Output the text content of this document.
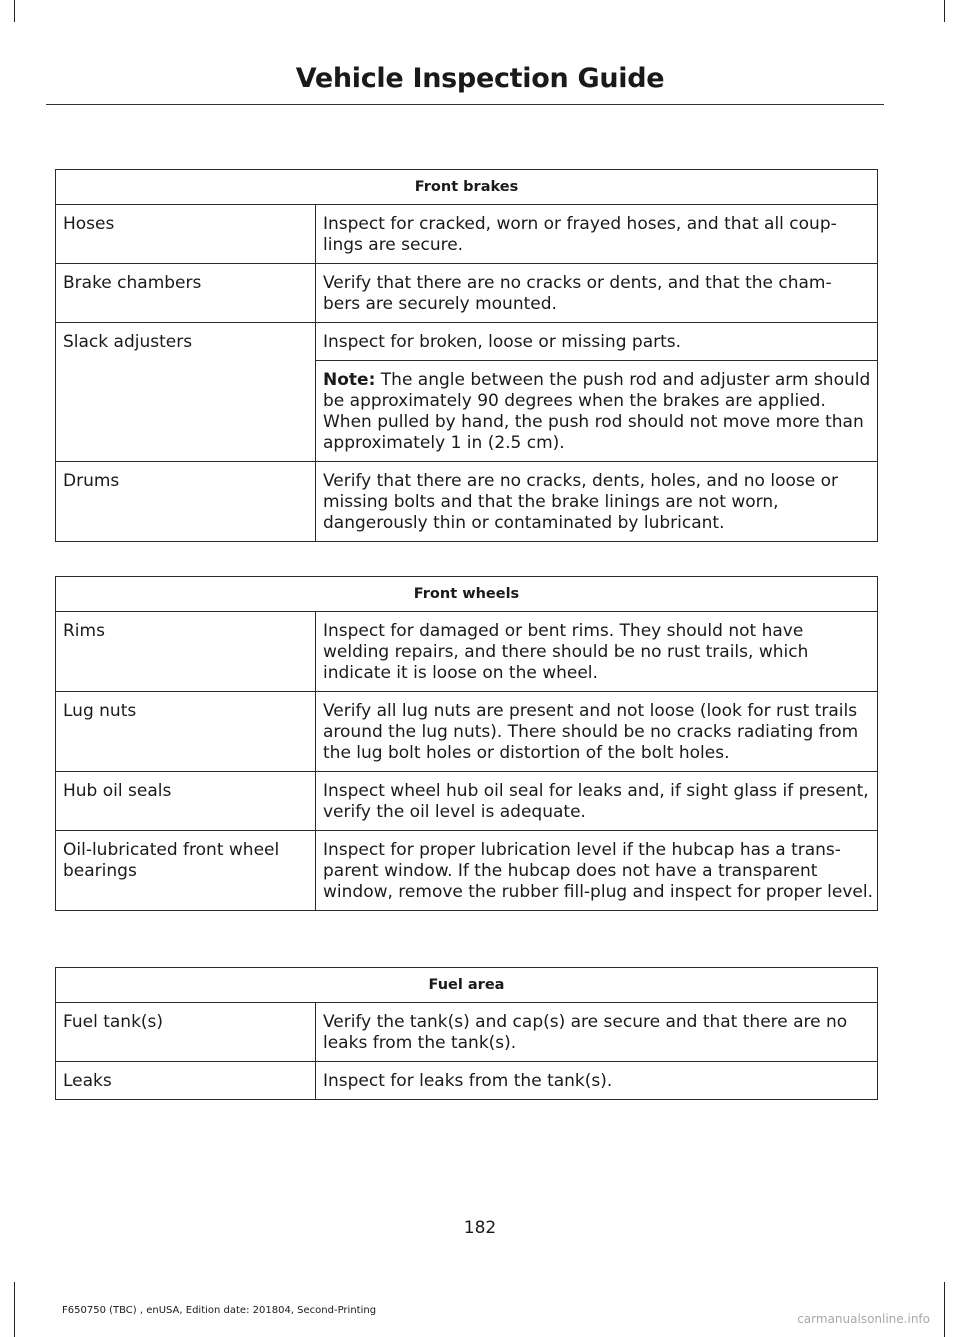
Vehicle Inspection Guide
Front brakes	
Hoses	Inspect for cracked, worn or frayed hoses, and that all coup- lings are secure.
Brake chambers	Verify that there are no cracks or dents, and that the cham- bers are securely mounted.
Slack adjusters	Inspect for broken, loose or missing parts.
	Note: The angle between the push rod and adjuster arm should be approximately 90 degrees when the brakes are applied. When pulled by hand, the push rod should not move more than approximately 1 in (2.5 cm).
Drums	Verify that there are no cracks, dents, holes, and no loose or missing bolts and that the brake linings are not worn, dangerously thin or contaminated by lubricant.
Front wheels	
Rims	Inspect for damaged or bent rims. They should not have welding repairs, and there should be no rust trails, which indicate it is loose on the wheel.
Lug nuts	Verify all lug nuts are present and not loose (look for rust trails around the lug nuts). There should be no cracks radiating from the lug bolt holes or distortion of the bolt holes.
Hub oil seals	Inspect wheel hub oil seal for leaks and, if sight glass if present, verify the oil level is adequate.
Oil-lubricated front wheel bearings	Inspect for proper lubrication level if the hubcap has a trans- parent window. If the hubcap does not have a transparent window, remove the rubber fill-plug and inspect for proper level.
Fuel area	
Fuel tank(s)	Verify the tank(s) and cap(s) are secure and that there are no leaks from the tank(s).
Leaks	Inspect for leaks from the tank(s).
182
F650750 (TBC) , enUSA, Edition date: 201804, Second-Printing
carmanualsonline.info
